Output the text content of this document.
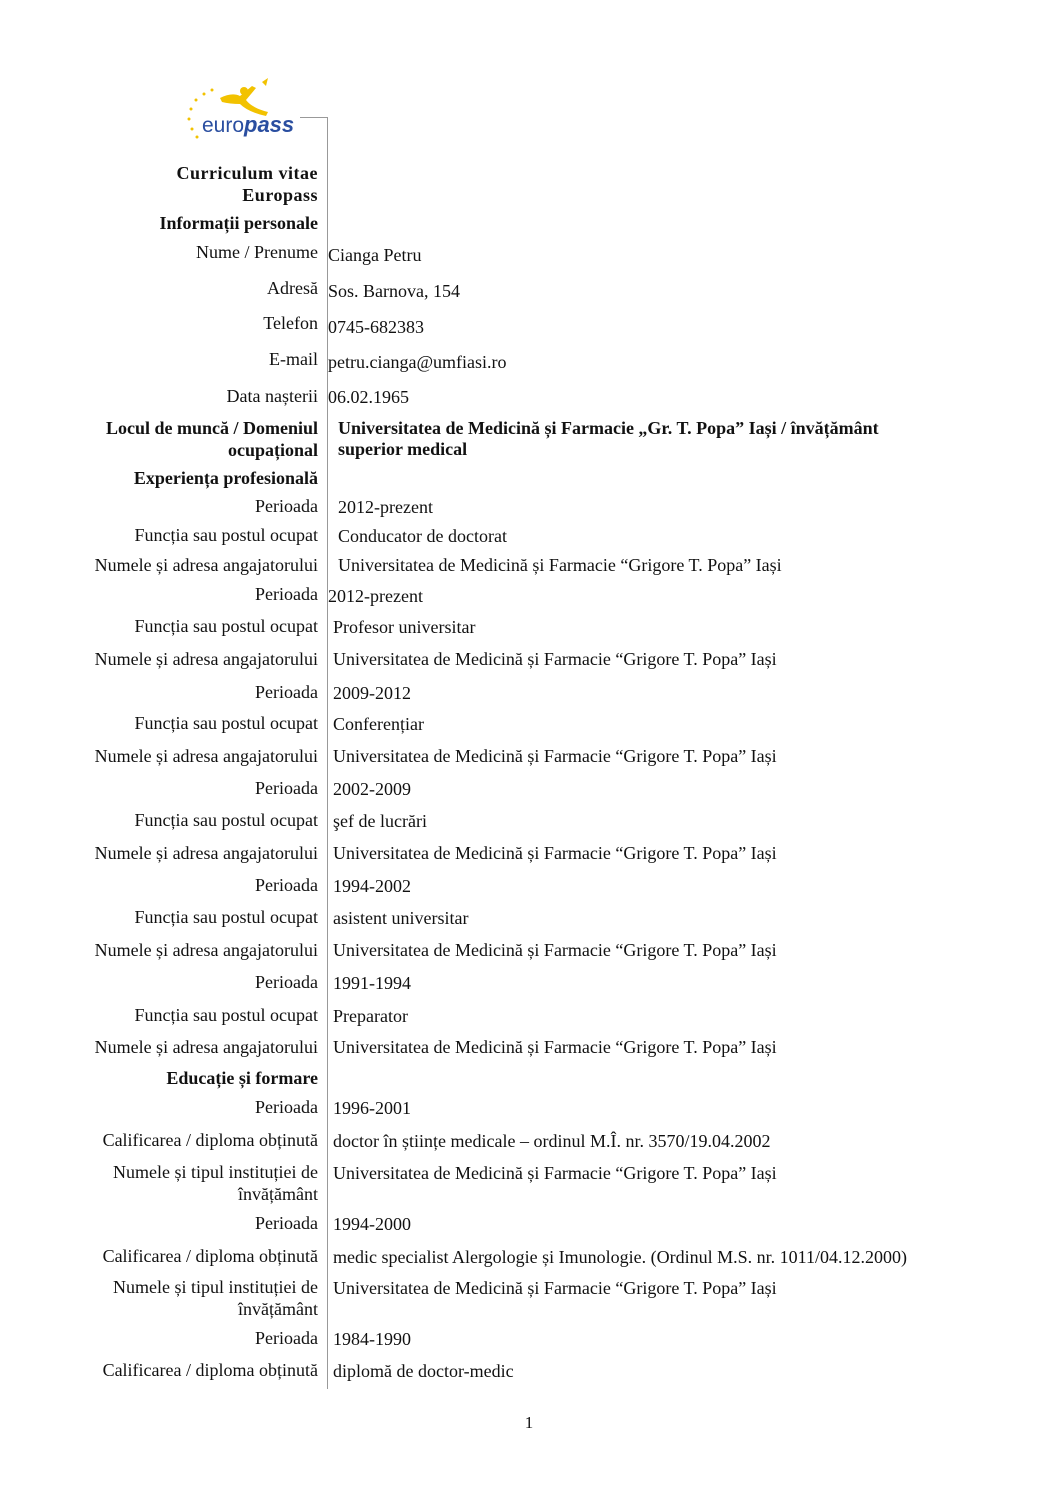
euro pass
Curriculum vitae
Europass
Informații personale
Nume / Prenume Cianga Petru
Adresă Sos. Barnova, 154
Telefon 0745-682383
E-mail petru.cianga@umfiasi.ro
Data nașterii 06.02.1965
Locul de muncă / Domeniul
ocupațional
Universitatea de Medicină și Farmacie „Gr. T. Popa” Iași / învățământ
superior medical
Experiența profesională
Perioada 2012-prezent
Funcția sau postul ocupat Conducator de doctorat
Numele și adresa angajatorului Universitatea de Medicină și Farmacie “Grigore T. Popa” Iași
Perioada 2012-prezent
Funcția sau postul ocupat Profesor universitar
Numele și adresa angajatorului Universitatea de Medicină și Farmacie “Grigore T. Popa” Iași
Perioada 2009-2012
Funcția sau postul ocupat Conferențiar
Numele și adresa angajatorului Universitatea de Medicină și Farmacie “Grigore T. Popa” Iași
Perioada 2002-2009
Funcția sau postul ocupat şef de lucrări
Numele și adresa angajatorului Universitatea de Medicină și Farmacie “Grigore T. Popa” Iași
Perioada 1994-2002
Funcția sau postul ocupat asistent universitar
Numele și adresa angajatorului Universitatea de Medicină și Farmacie “Grigore T. Popa” Iași
Perioada 1991-1994
Funcția sau postul ocupat Preparator
Numele și adresa angajatorului Universitatea de Medicină și Farmacie “Grigore T. Popa” Iași
Educație și formare
Perioada 1996-2001
Calificarea / diploma obținută doctor în științe medicale – ordinul M.Î. nr. 3570/19.04.2002
Numele și tipul instituției de
învățământ
Universitatea de Medicină și Farmacie “Grigore T. Popa” Iași
Perioada 1994-2000
Calificarea / diploma obținută medic specialist Alergologie și Imunologie. (Ordinul M.S. nr. 1011/04.12.2000)
Numele și tipul instituției de
învățământ
Universitatea de Medicină și Farmacie “Grigore T. Popa” Iași
Perioada 1984-1990
Calificarea / diploma obținută diplomă de doctor-medic
1
